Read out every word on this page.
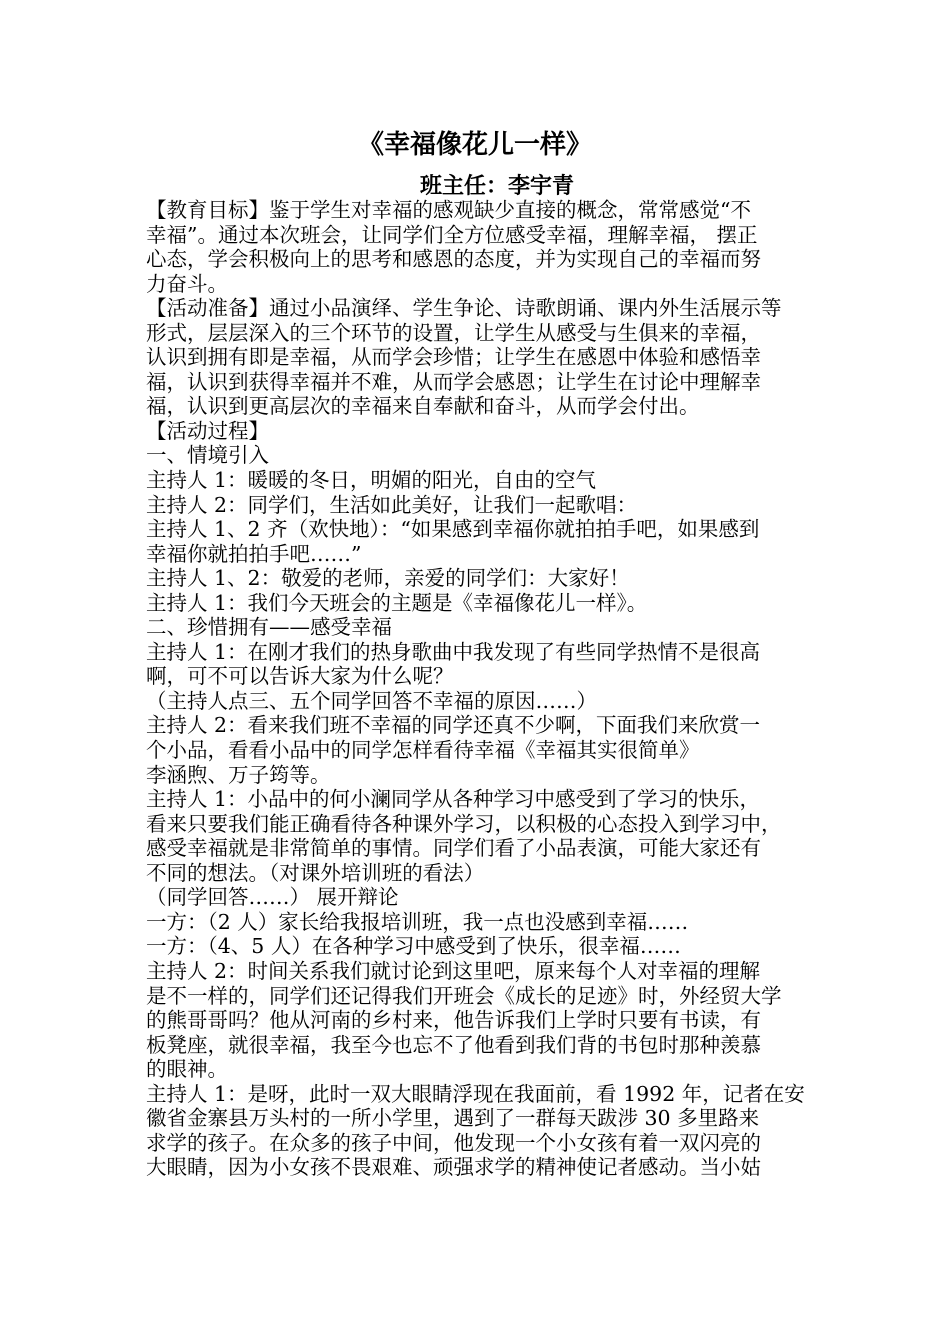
《幸福像花儿一样》
班主任：李宇青
【教育目标】鉴于学生对幸福的感观缺少直接的概念，常常感觉“不
幸福”。通过本次班会，让同学们全方位感受幸福，理解幸福， 摆正
心态，学会积极向上的思考和感恩的态度，并为实现自己的幸福而努
力奋斗。
【活动准备】通过小品演绎、学生争论、诗歌朗诵、课内外生活展示等
形式，层层深入的三个环节的设置，让学生从感受与生俱来的幸福，
认识到拥有即是幸福，从而学会珍惜；让学生在感恩中体验和感悟幸
福，认识到获得幸福并不难，从而学会感恩；让学生在讨论中理解幸
福，认识到更高层次的幸福来自奉献和奋斗，从而学会付出。
【活动过程】
一、情境引入
主持人 1：暖暖的冬日，明媚的阳光，自由的空气
主持人 2：同学们，生活如此美好，让我们一起歌唱：
主持人 1、2 齐（欢快地）：“如果感到幸福你就拍拍手吧，如果感到
幸福你就拍拍手吧……”
主持人 1、2：敬爱的老师，亲爱的同学们：大家好！
主持人 1：我们今天班会的主题是《幸福像花儿一样》。
二、珍惜拥有——感受幸福
主持人 1：在刚才我们的热身歌曲中我发现了有些同学热情不是很高
啊，可不可以告诉大家为什么呢？
（主持人点三、五个同学回答不幸福的原因……）
主持人 2：看来我们班不幸福的同学还真不少啊，下面我们来欣赏一
个小品，看看小品中的同学怎样看待幸福《幸福其实很简单》
李涵煦、万子筠等。
主持人 1：小品中的何小澜同学从各种学习中感受到了学习的快乐，
看来只要我们能正确看待各种课外学习，以积极的心态投入到学习中，
感受幸福就是非常简单的事情。同学们看了小品表演，可能大家还有
不同的想法。（对课外培训班的看法）
（同学回答……） 展开辩论
一方：（2 人）家长给我报培训班，我一点也没感到幸福……
一方：（4、5 人）在各种学习中感受到了快乐，很幸福……
主持人 2：时间关系我们就讨论到这里吧，原来每个人对幸福的理解
是不一样的，同学们还记得我们开班会《成长的足迹》时，外经贸大学
的熊哥哥吗？他从河南的乡村来，他告诉我们上学时只要有书读，有
板凳座，就很幸福，我至今也忘不了他看到我们背的书包时那种羡慕
的眼神。
主持人 1：是呀，此时一双大眼睛浮现在我面前，看 1992 年，记者在安
徽省金寨县万头村的一所小学里，遇到了一群每天跋涉 30 多里路来
求学的孩子。在众多的孩子中间，他发现一个小女孩有着一双闪亮的
大眼睛，因为小女孩不畏艰难、顽强求学的精神使记者感动。当小姑
